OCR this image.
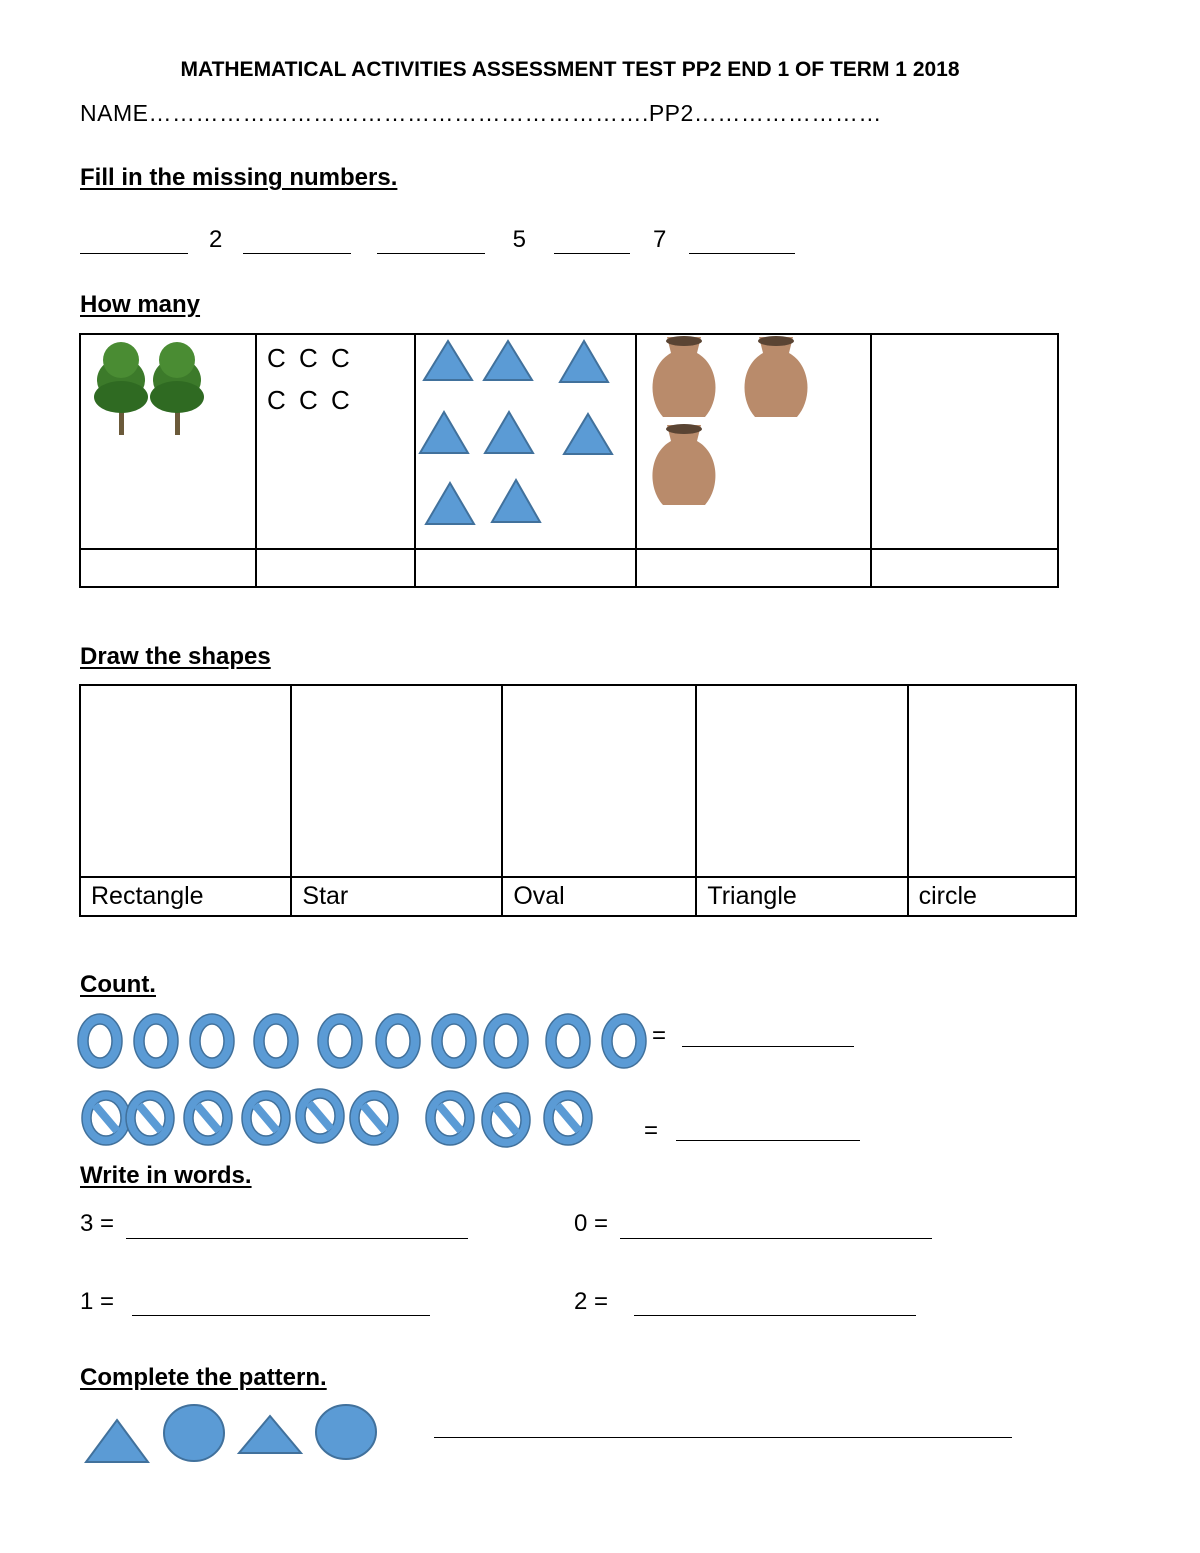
MATHEMATICAL ACTIVITIES ASSESSMENT TEST PP2 END 1 OF TERM 1 2018
NAME……………………………………………………….PP2……………………
Fill in the missing numbers.
2	5	7
How many

C C C
C C C

Draw the shapes

Rectangle	Star	Oval	Triangle	circle
Count.
=
=
Write in words.
3 =	0 =
1 =	2 =
Complete the pattern.
